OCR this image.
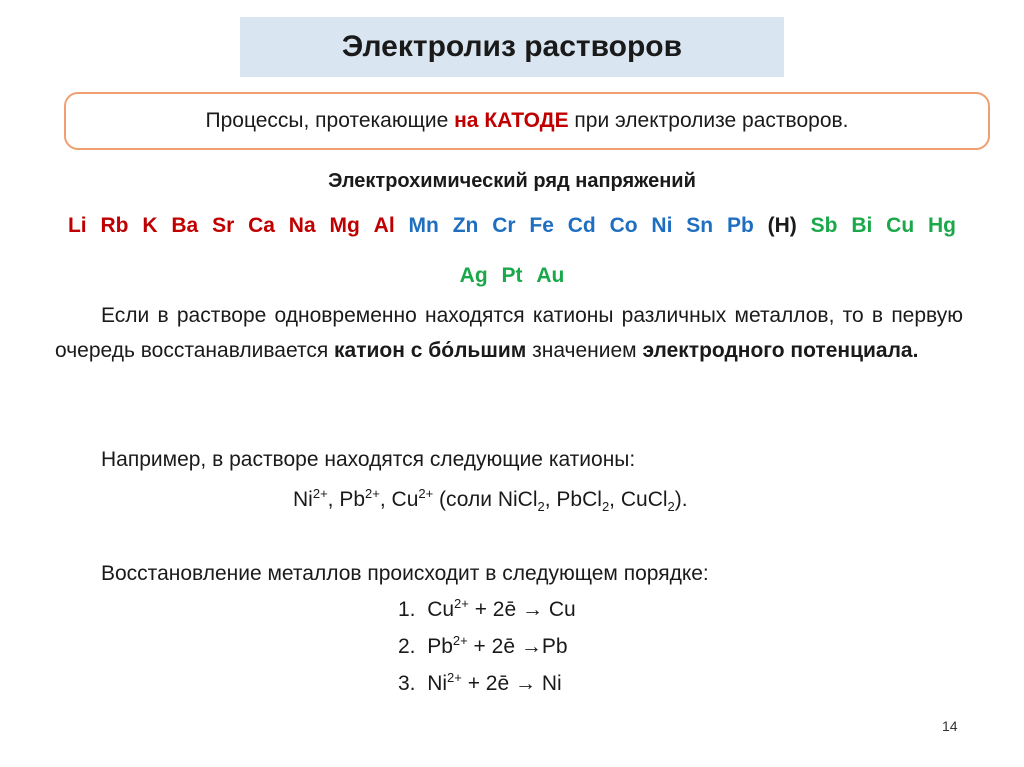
Электролиз растворов
Процессы, протекающие на КАТОДЕ при электролизе растворов.
Электрохимический ряд напряжений
Li Rb K Ba Sr Ca Na Mg Al Mn Zn Cr Fe Cd Co Ni Sn Pb (H) Sb Bi Cu Hg
Ag Pt Au
Если в растворе одновременно находятся катионы различных металлов, то в первую очередь восстанавливается катион с бо́льшим значением электродного потенциала.
Например, в растворе находятся следующие катионы:
$Ni^{2+}$, $Pb^{2+}$, $Cu^{2+}$ (соли NiCl$_2$, PbCl$_2$, CuCl$_2$).
Восстановление металлов происходит в следующем порядке:
1. $Cu^{2+}$ + 2ē → Cu
2. $Pb^{2+}$ + 2ē →Pb
3. $Ni^{2+}$ + 2ē → Ni
14
